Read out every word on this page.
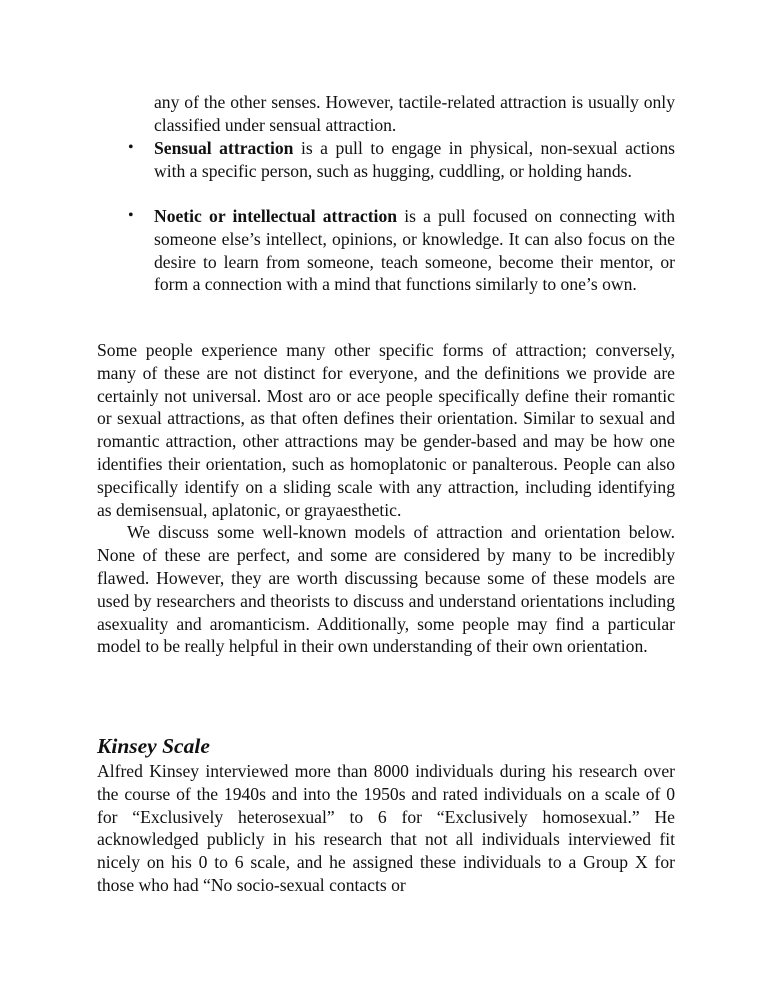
any of the other senses. However, tactile-related attraction is usually only classified under sensual attraction.

• Sensual attraction is a pull to engage in physical, non-sexual actions with a specific person, such as hugging, cuddling, or holding hands.

• Noetic or intellectual attraction is a pull focused on connecting with someone else’s intellect, opinions, or knowledge. It can also focus on the desire to learn from someone, teach someone, become their mentor, or form a connection with a mind that functions similarly to one’s own.

Some people experience many other specific forms of attraction; conversely, many of these are not distinct for everyone, and the definitions we provide are certainly not universal. Most aro or ace people specifically define their romantic or sexual attractions, as that often defines their orientation. Similar to sexual and romantic attraction, other attractions may be gender-based and may be how one identifies their orientation, such as homoplatonic or panalterous. People can also specifically identify on a sliding scale with any attraction, including identifying as demisensual, aplatonic, or grayaesthetic.

We discuss some well-known models of attraction and orientation below. None of these are perfect, and some are considered by many to be incredibly flawed. However, they are worth discussing because some of these models are used by researchers and theorists to discuss and understand orientations including asexuality and aromanticism. Additionally, some people may find a particular model to be really helpful in their own understanding of their own orientation.

Kinsey Scale

Alfred Kinsey interviewed more than 8000 individuals during his research over the course of the 1940s and into the 1950s and rated individuals on a scale of 0 for “Exclusively heterosexual” to 6 for “Exclusively homosexual.” He acknowledged publicly in his research that not all individuals interviewed fit nicely on his 0 to 6 scale, and he assigned these individuals to a Group X for those who had “No socio-sexual contacts or
